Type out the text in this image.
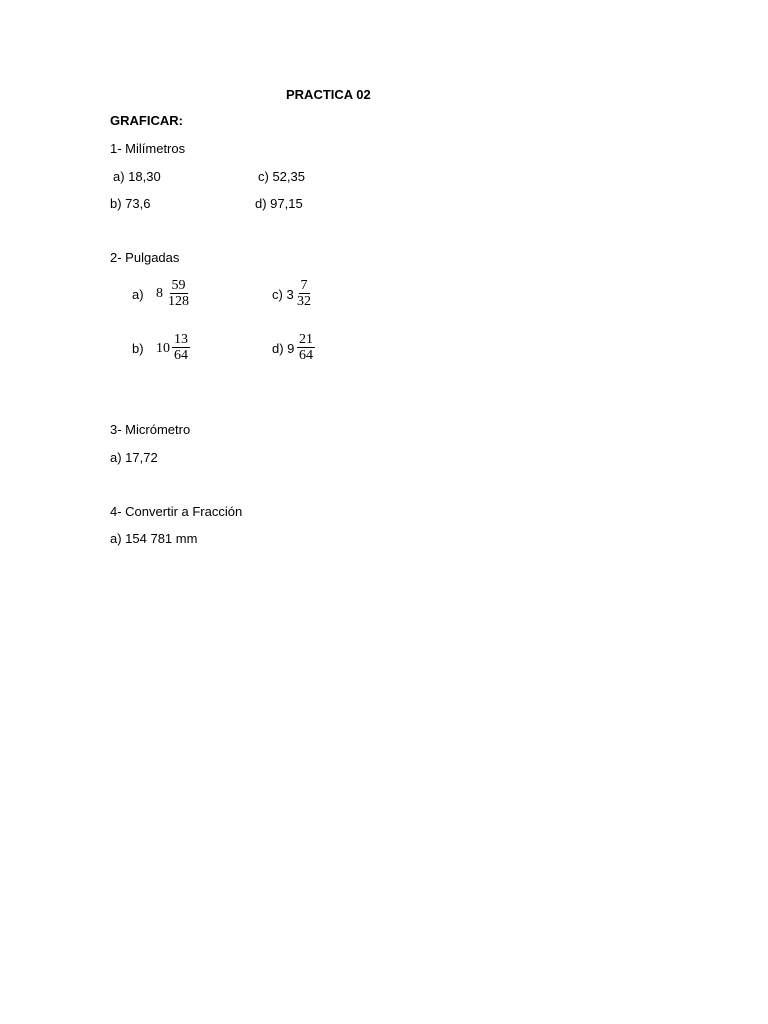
PRACTICA 02
GRAFICAR:
1- Milímetros
a) 18,30	c) 52,35
b) 73,6	d) 97,15
2- Pulgadas
a) $8 \frac{59}{128}$	c) $3 \frac{7}{32}$
b) $10 \frac{13}{64}$	d) $9 \frac{21}{64}$
3- Micrómetro
a) 17,72
4- Convertir a Fracción
a) 154 781 mm
